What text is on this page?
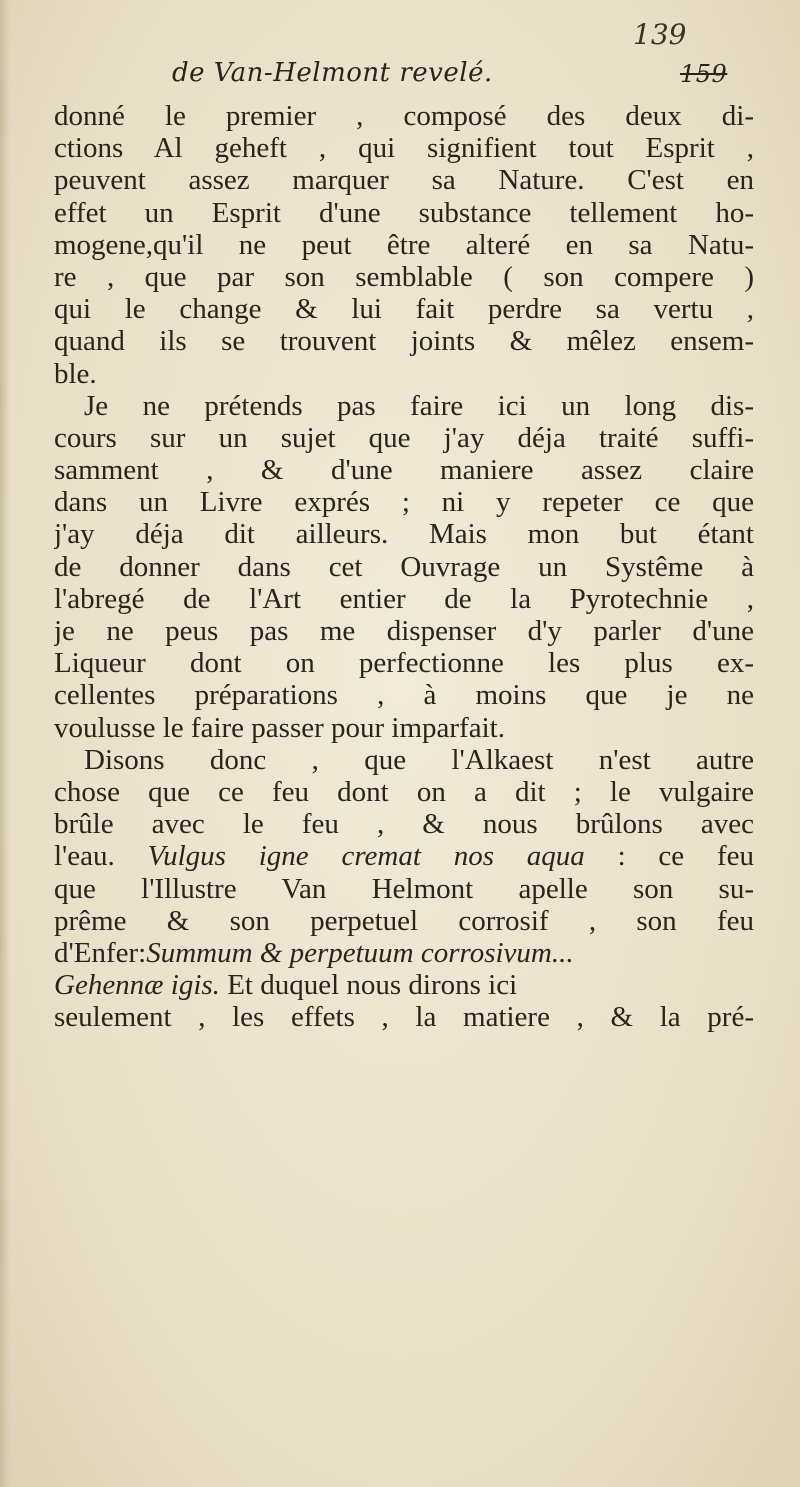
139
de Van-Helmont revelé.	159
donné le premier , composé des deux di-
ctions Al geheft , qui signifient tout Esprit ,
peuvent assez marquer sa Nature. C'est en
effet un Esprit d'une substance tellement ho-
mogene,qu'il ne peut être alteré en sa Natu-
re , que par son semblable ( son compere )
qui le change & lui fait perdre sa vertu ,
quand ils se trouvent joints & mêlez ensem-
ble.
Je ne prétends pas faire ici un long dis-
cours sur un sujet que j'ay déja traité suffi-
samment , & d'une maniere assez claire
dans un Livre exprés ; ni y repeter ce que
j'ay déja dit ailleurs. Mais mon but étant
de donner dans cet Ouvrage un Systême à
l'abregé de l'Art entier de la Pyrotechnie ,
je ne peus pas me dispenser d'y parler d'une
Liqueur dont on perfectionne les plus ex-
cellentes préparations , à moins que je ne
voulusse le faire passer pour imparfait.
Disons donc , que l'Alkaest n'est autre
chose que ce feu dont on a dit ; le vulgaire
brûle avec le feu , & nous brûlons avec
l'eau. Vulgus igne cremat nos aqua : ce feu
que l'Illustre Van Helmont apelle son su-
prême & son perpetuel corrosif , son feu
d'Enfer:Summum & perpetuum corrosivum...
Gehennæ igis. Et duquel nous dirons ici
seulement , les effets , la matiere , & la pré-
